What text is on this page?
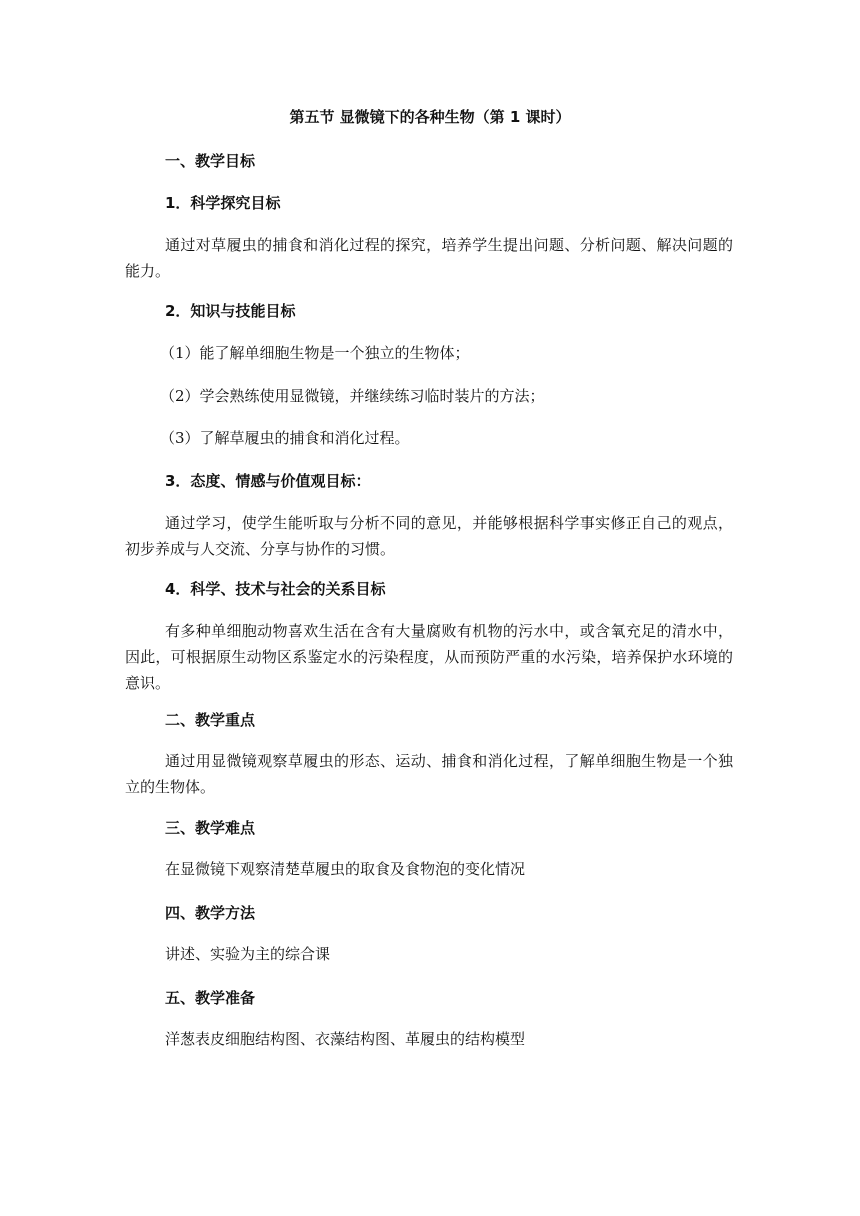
第五节 显微镜下的各种生物（第 1 课时）
一、教学目标
1．科学探究目标
通过对草履虫的捕食和消化过程的探究，培养学生提出问题、分析问题、解决问题的能力。
2．知识与技能目标
（1）能了解单细胞生物是一个独立的生物体；
（2）学会熟练使用显微镜，并继续练习临时装片的方法；
（3）了解草履虫的捕食和消化过程。
3．态度、情感与价值观目标：
通过学习，使学生能听取与分析不同的意见，并能够根据科学事实修正自己的观点，初步养成与人交流、分享与协作的习惯。
4．科学、技术与社会的关系目标
有多种单细胞动物喜欢生活在含有大量腐败有机物的污水中，或含氧充足的清水中，因此，可根据原生动物区系鉴定水的污染程度，从而预防严重的水污染，培养保护水环境的意识。
二、教学重点
通过用显微镜观察草履虫的形态、运动、捕食和消化过程，了解单细胞生物是一个独立的生物体。
三、教学难点
在显微镜下观察清楚草履虫的取食及食物泡的变化情况
四、教学方法
讲述、实验为主的综合课
五、教学准备
洋葱表皮细胞结构图、衣藻结构图、革履虫的结构模型
